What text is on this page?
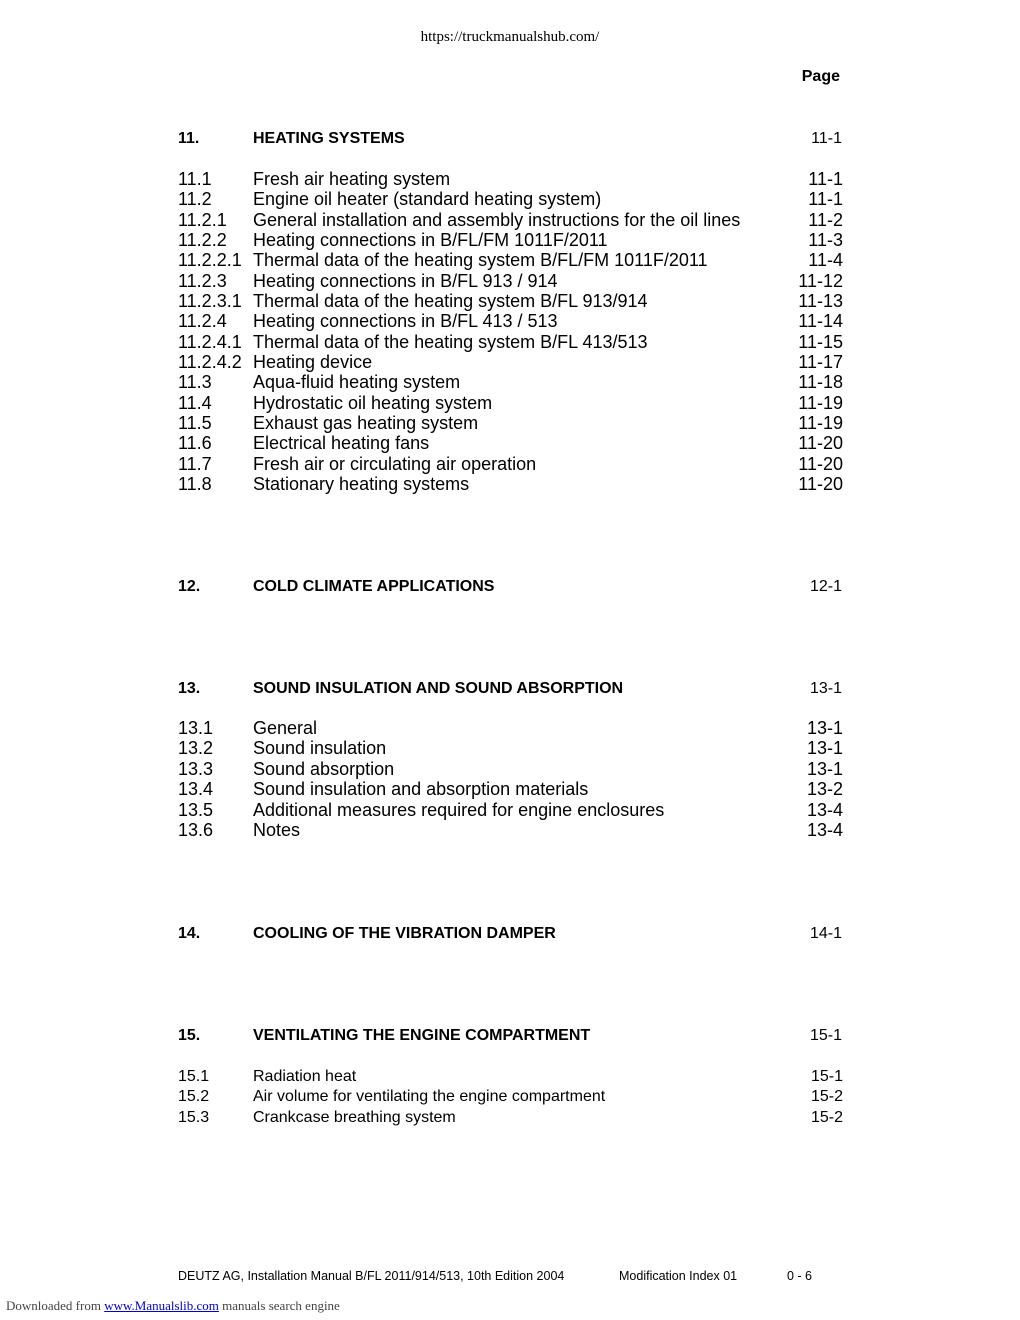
https://truckmanualshub.com/
Page
11.	HEATING SYSTEMS	11-1
11.1 Fresh air heating system	11-1
11.2 Engine oil heater (standard heating system)	11-1
11.2.1 General installation and assembly instructions for the oil lines	11-2
11.2.2 Heating connections in B/FL/FM 1011F/2011	11-3
11.2.2.1 Thermal data of the heating system B/FL/FM 1011F/2011	11-4
11.2.3 Heating connections in B/FL 913 / 914	11-12
11.2.3.1 Thermal data of the heating system B/FL 913/914	11-13
11.2.4 Heating connections in B/FL 413 / 513	11-14
11.2.4.1 Thermal data of the heating system B/FL 413/513	11-15
11.2.4.2 Heating device	11-17
11.3 Aqua-fluid heating system	11-18
11.4 Hydrostatic oil heating system	11-19
11.5 Exhaust gas heating system	11-19
11.6 Electrical heating fans	11-20
11.7 Fresh air or circulating air operation	11-20
11.8 Stationary heating systems	11-20
12.	COLD CLIMATE APPLICATIONS	12-1
13.	SOUND INSULATION AND SOUND ABSORPTION	13-1
13.1 General	13-1
13.2 Sound insulation	13-1
13.3 Sound absorption	13-1
13.4 Sound insulation and absorption materials	13-2
13.5 Additional measures required for engine enclosures	13-4
13.6 Notes	13-4
14.	COOLING OF THE VIBRATION DAMPER	14-1
15.	VENTILATING THE ENGINE COMPARTMENT	15-1
15.1	Radiation heat	15-1
15.2	Air volume for ventilating the engine compartment	15-2
15.3	Crankcase breathing system	15-2
DEUTZ AG, Installation Manual B/FL 2011/914/513, 10th Edition 2004	Modification Index 01	0 - 6
Downloaded from www.Manualslib.com manuals search engine
